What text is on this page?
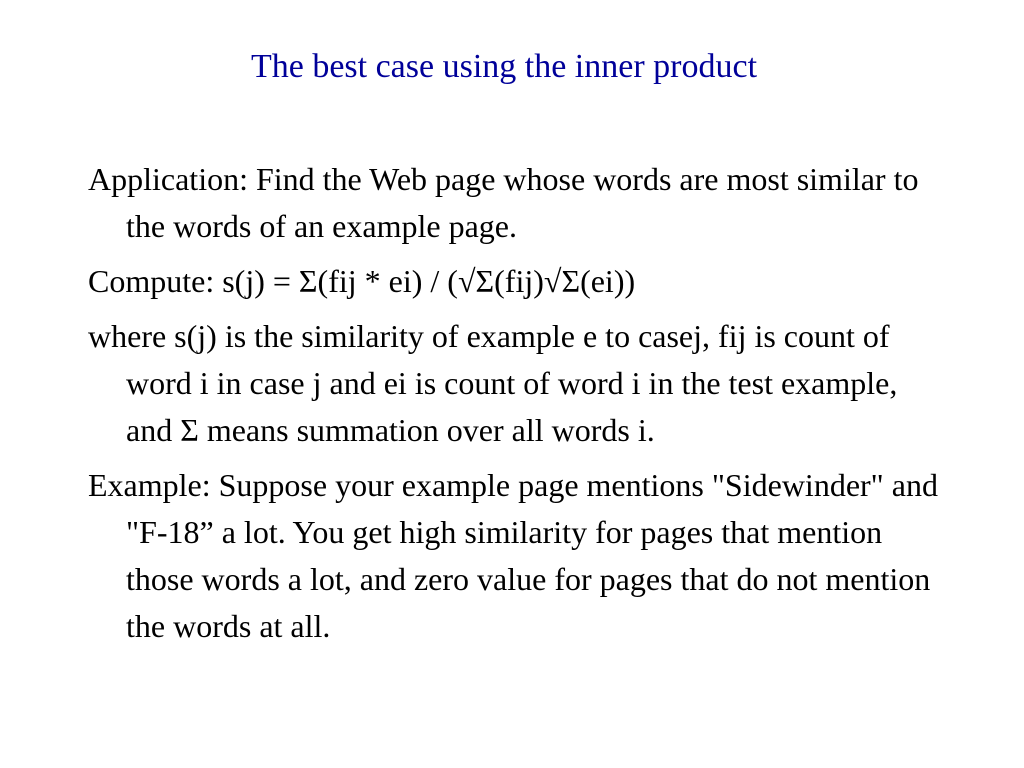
The best case using the inner product

Application: Find the Web page whose words are most similar to the words of an example page.

Compute: s(j) = Σ(fij * ei) / (√Σ(fij)√Σ(ei))

where s(j) is the similarity of example e to casej, fij is count of word i in case j and ei is count of word i in the test example, and Σ means summation over all words i.

Example: Suppose your example page mentions "Sidewinder" and "F-18” a lot. You get high similarity for pages that mention those words a lot, and zero value for pages that do not mention the words at all.
